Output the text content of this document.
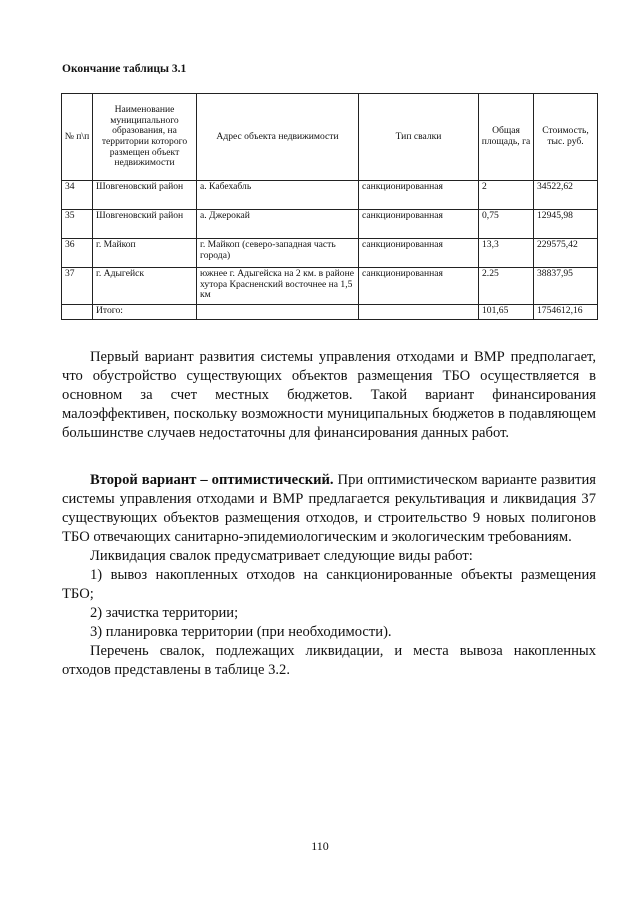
Окончание таблицы 3.1
№ п\п	Наименование муниципального образования, на территории которого размещен объект недвижимости	Адрес объекта недвижимости	Тип свалки	Общая площадь, га	Стоимость, тыс. руб.
34	Шовгеновский район	а. Кабехабль	санкционированная	2	34522,62
35	Шовгеновский район	а. Джерокай	санкционированная	0,75	12945,98
36	г. Майкоп	г. Майкоп (северо-западная часть города)	санкционированная	13,3	229575,42
37	г. Адыгейск	южнее г. Адыгейска на 2 км. в районе хутора Красненский восточнее на 1,5 км	санкционированная	2.25	38837,95
	Итого:			101,65	1754612,16

Первый вариант развития системы управления отходами и ВМР предполагает, что обустройство существующих объектов размещения ТБО осуществляется в основном за счет местных бюджетов. Такой вариант финансирования малоэффективен, поскольку возможности муниципальных бюджетов в подавляющем большинстве случаев недостаточны для финансирования данных работ.

Второй вариант – оптимистический. При оптимистическом варианте развития системы управления отходами и ВМР предлагается рекультивация и ликвидация 37 существующих объектов размещения отходов, и строительство 9 новых полигонов ТБО отвечающих санитарно-эпидемиологическим и экологическим требованиям.

Ликвидация свалок предусматривает следующие виды работ:

1) вывоз накопленных отходов на санкционированные объекты размещения ТБО;

2) зачистка территории;

3) планировка территории (при необходимости).

Перечень свалок, подлежащих ликвидации, и места вывоза накопленных отходов представлены в таблице 3.2.

110
